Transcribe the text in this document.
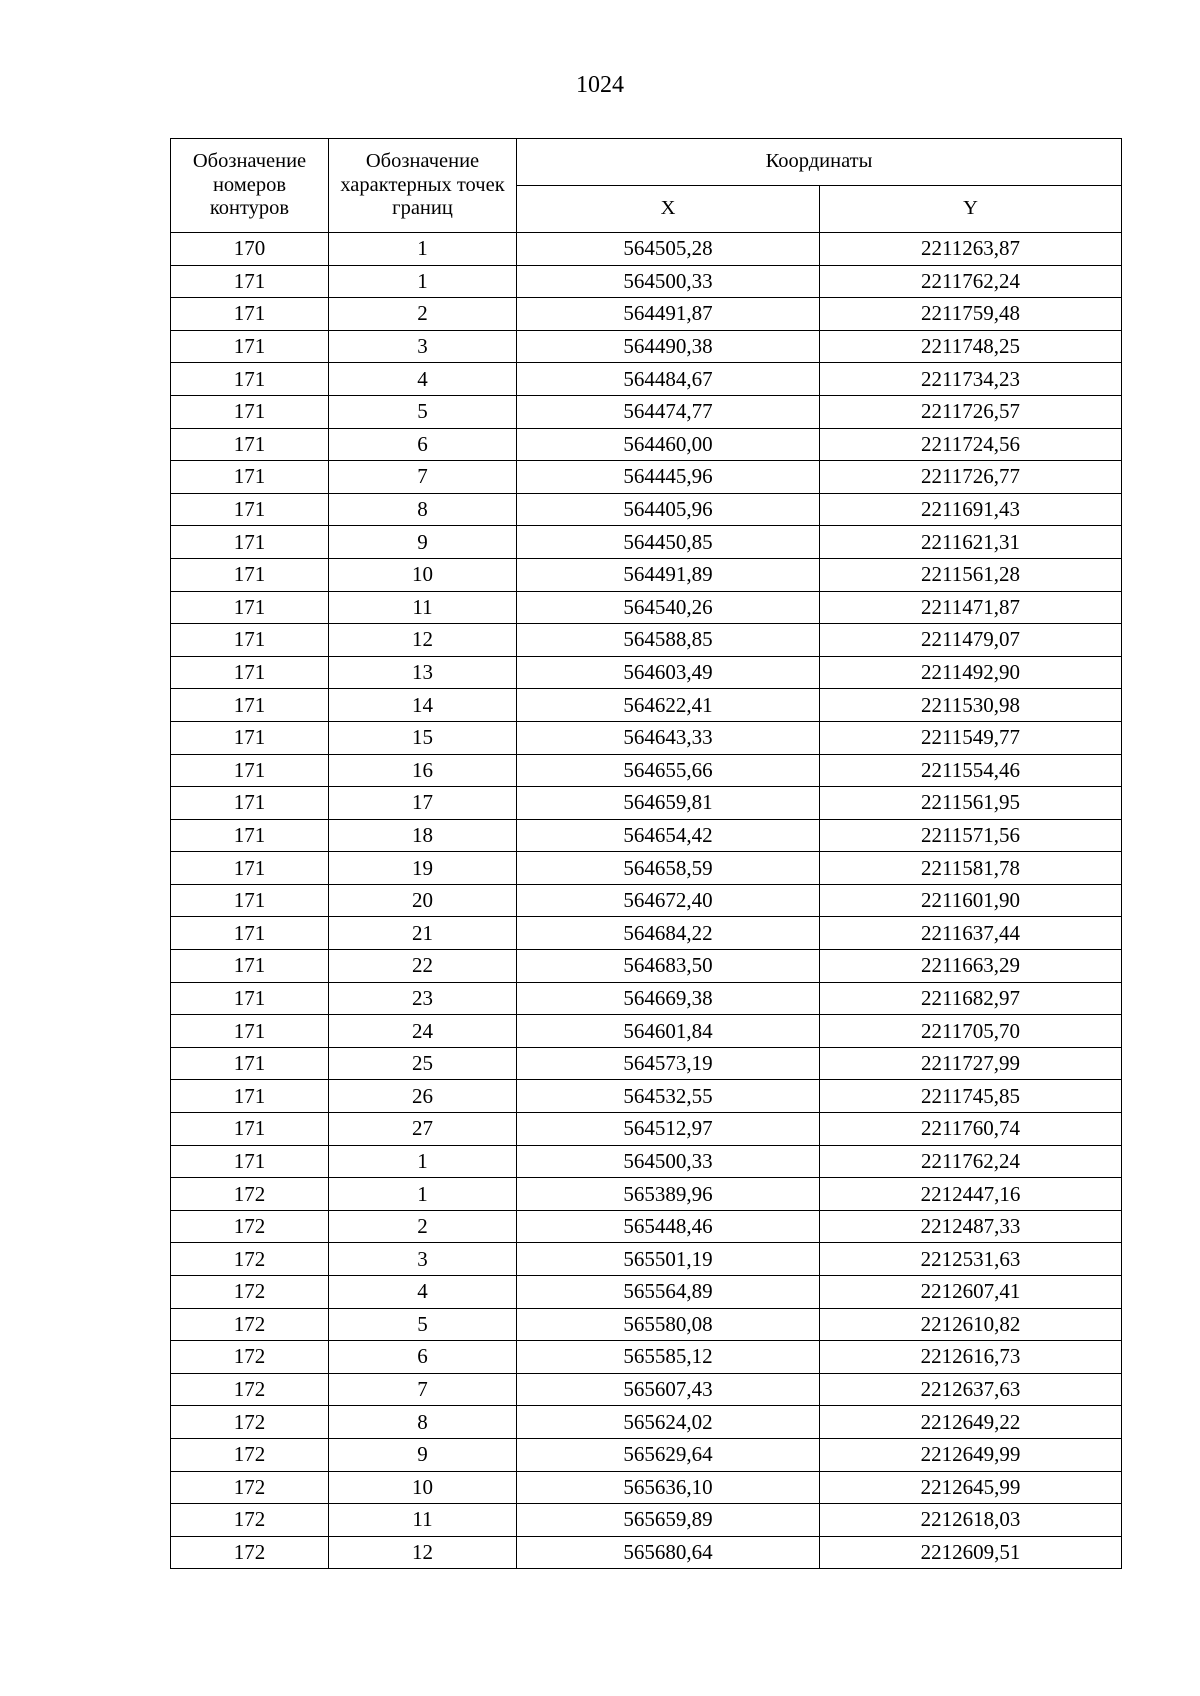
1024
Обозначение номеров контуров	Обозначение характерных точек границ	Координаты	
		X	Y
170	1	564505,28	2211263,87
171	1	564500,33	2211762,24
171	2	564491,87	2211759,48
171	3	564490,38	2211748,25
171	4	564484,67	2211734,23
171	5	564474,77	2211726,57
171	6	564460,00	2211724,56
171	7	564445,96	2211726,77
171	8	564405,96	2211691,43
171	9	564450,85	2211621,31
171	10	564491,89	2211561,28
171	11	564540,26	2211471,87
171	12	564588,85	2211479,07
171	13	564603,49	2211492,90
171	14	564622,41	2211530,98
171	15	564643,33	2211549,77
171	16	564655,66	2211554,46
171	17	564659,81	2211561,95
171	18	564654,42	2211571,56
171	19	564658,59	2211581,78
171	20	564672,40	2211601,90
171	21	564684,22	2211637,44
171	22	564683,50	2211663,29
171	23	564669,38	2211682,97
171	24	564601,84	2211705,70
171	25	564573,19	2211727,99
171	26	564532,55	2211745,85
171	27	564512,97	2211760,74
171	1	564500,33	2211762,24
172	1	565389,96	2212447,16
172	2	565448,46	2212487,33
172	3	565501,19	2212531,63
172	4	565564,89	2212607,41
172	5	565580,08	2212610,82
172	6	565585,12	2212616,73
172	7	565607,43	2212637,63
172	8	565624,02	2212649,22
172	9	565629,64	2212649,99
172	10	565636,10	2212645,99
172	11	565659,89	2212618,03
172	12	565680,64	2212609,51
